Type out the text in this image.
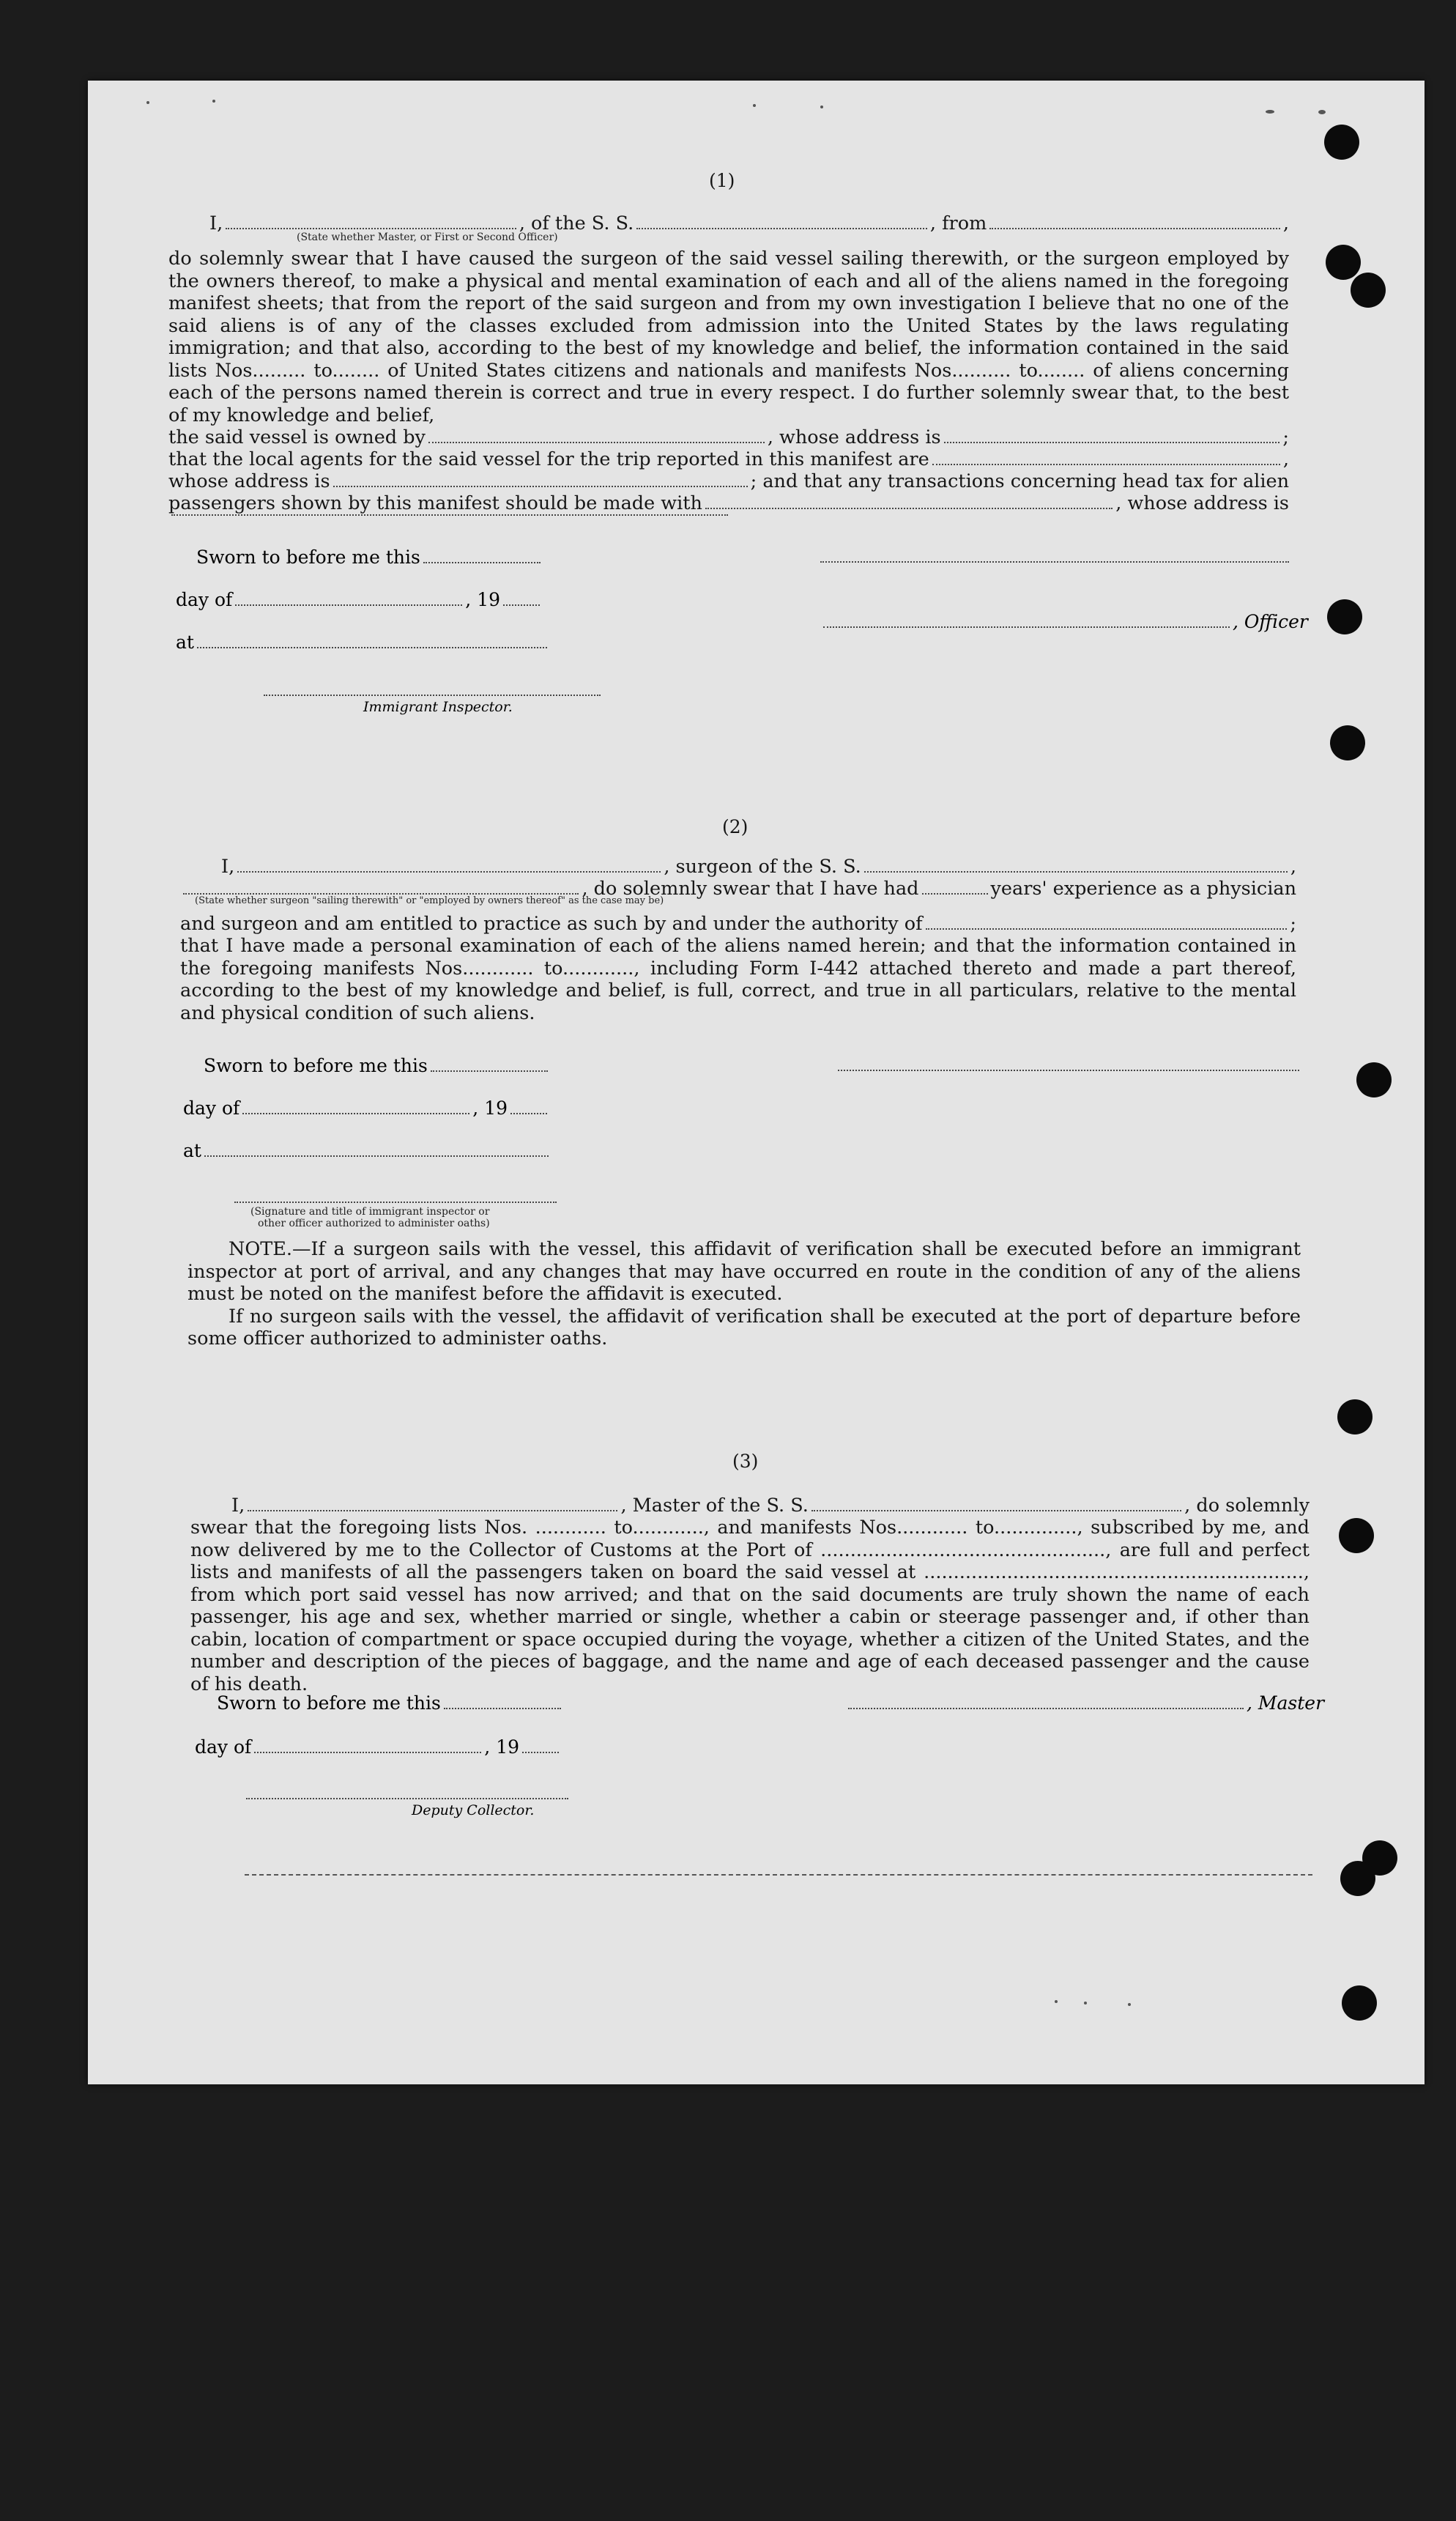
(1)
I,	, of the S. S.	, from	,
(State whether Master, or First or Second Officer)
do solemnly swear that I have caused the surgeon of the said vessel sailing therewith, or the surgeon employed by the owners thereof, to make a physical and mental examination of each and all of the aliens named in the foregoing manifest sheets; that from the report of the said surgeon and from my own investigation I believe that no one of the said aliens is of any of the classes excluded from admission into the United States by the laws regulating immigration; and that also, according to the best of my knowledge and belief, the information contained in the said lists Nos......... to........ of United States citizens and nationals and manifests Nos.......... to........ of aliens concerning each of the persons named therein is correct and true in every respect. I do further solemnly swear that, to the best of my knowledge and belief,
the said vessel is owned by	, whose address is	;
that the local agents for the said vessel for the trip reported in this manifest are	,
whose address is	; and that any transactions concerning head tax for alien
passengers shown by this manifest should be made with	, whose address is
Sworn to before me this
day of	, 19
, Officer
at
Immigrant Inspector.
(2)
I,	, surgeon of the S. S.	,
, do solemnly swear that I have had	years' experience as a physician
(State whether surgeon "sailing therewith" or "employed by owners thereof" as the case may be)
and surgeon and am entitled to practice as such by and under the authority of	;
that I have made a personal examination of each of the aliens named herein; and that the information contained in the foregoing manifests Nos............ to............, including Form I-442 attached thereto and made a part thereof, according to the best of my knowledge and belief, is full, correct, and true in all particulars, relative to the mental and physical condition of such aliens.
Sworn to before me this
day of	, 19
at
(Signature and title of immigrant inspector or
other officer authorized to administer oaths)
NOTE.—If a surgeon sails with the vessel, this affidavit of verification shall be executed before an immigrant inspector at port of arrival, and any changes that may have occurred en route in the condition of any of the aliens must be noted on the manifest before the affidavit is executed.
If no surgeon sails with the vessel, the affidavit of verification shall be executed at the port of departure before some officer authorized to administer oaths.
(3)
I,	, Master of the S. S.	, do solemnly
swear that the foregoing lists Nos. ............ to............, and manifests Nos............ to.............., subscribed by me, and now delivered by me to the Collector of Customs at the Port of ................................................, are full and perfect lists and manifests of all the passengers taken on board the said vessel at ................................................................, from which port said vessel has now arrived; and that on the said documents are truly shown the name of each passenger, his age and sex, whether married or single, whether a cabin or steerage passenger and, if other than cabin, location of compartment or space occupied during the voyage, whether a citizen of the United States, and the number and description of the pieces of baggage, and the name and age of each deceased passenger and the cause of his death.
Sworn to before me this	, Master
day of	, 19
Deputy Collector.
